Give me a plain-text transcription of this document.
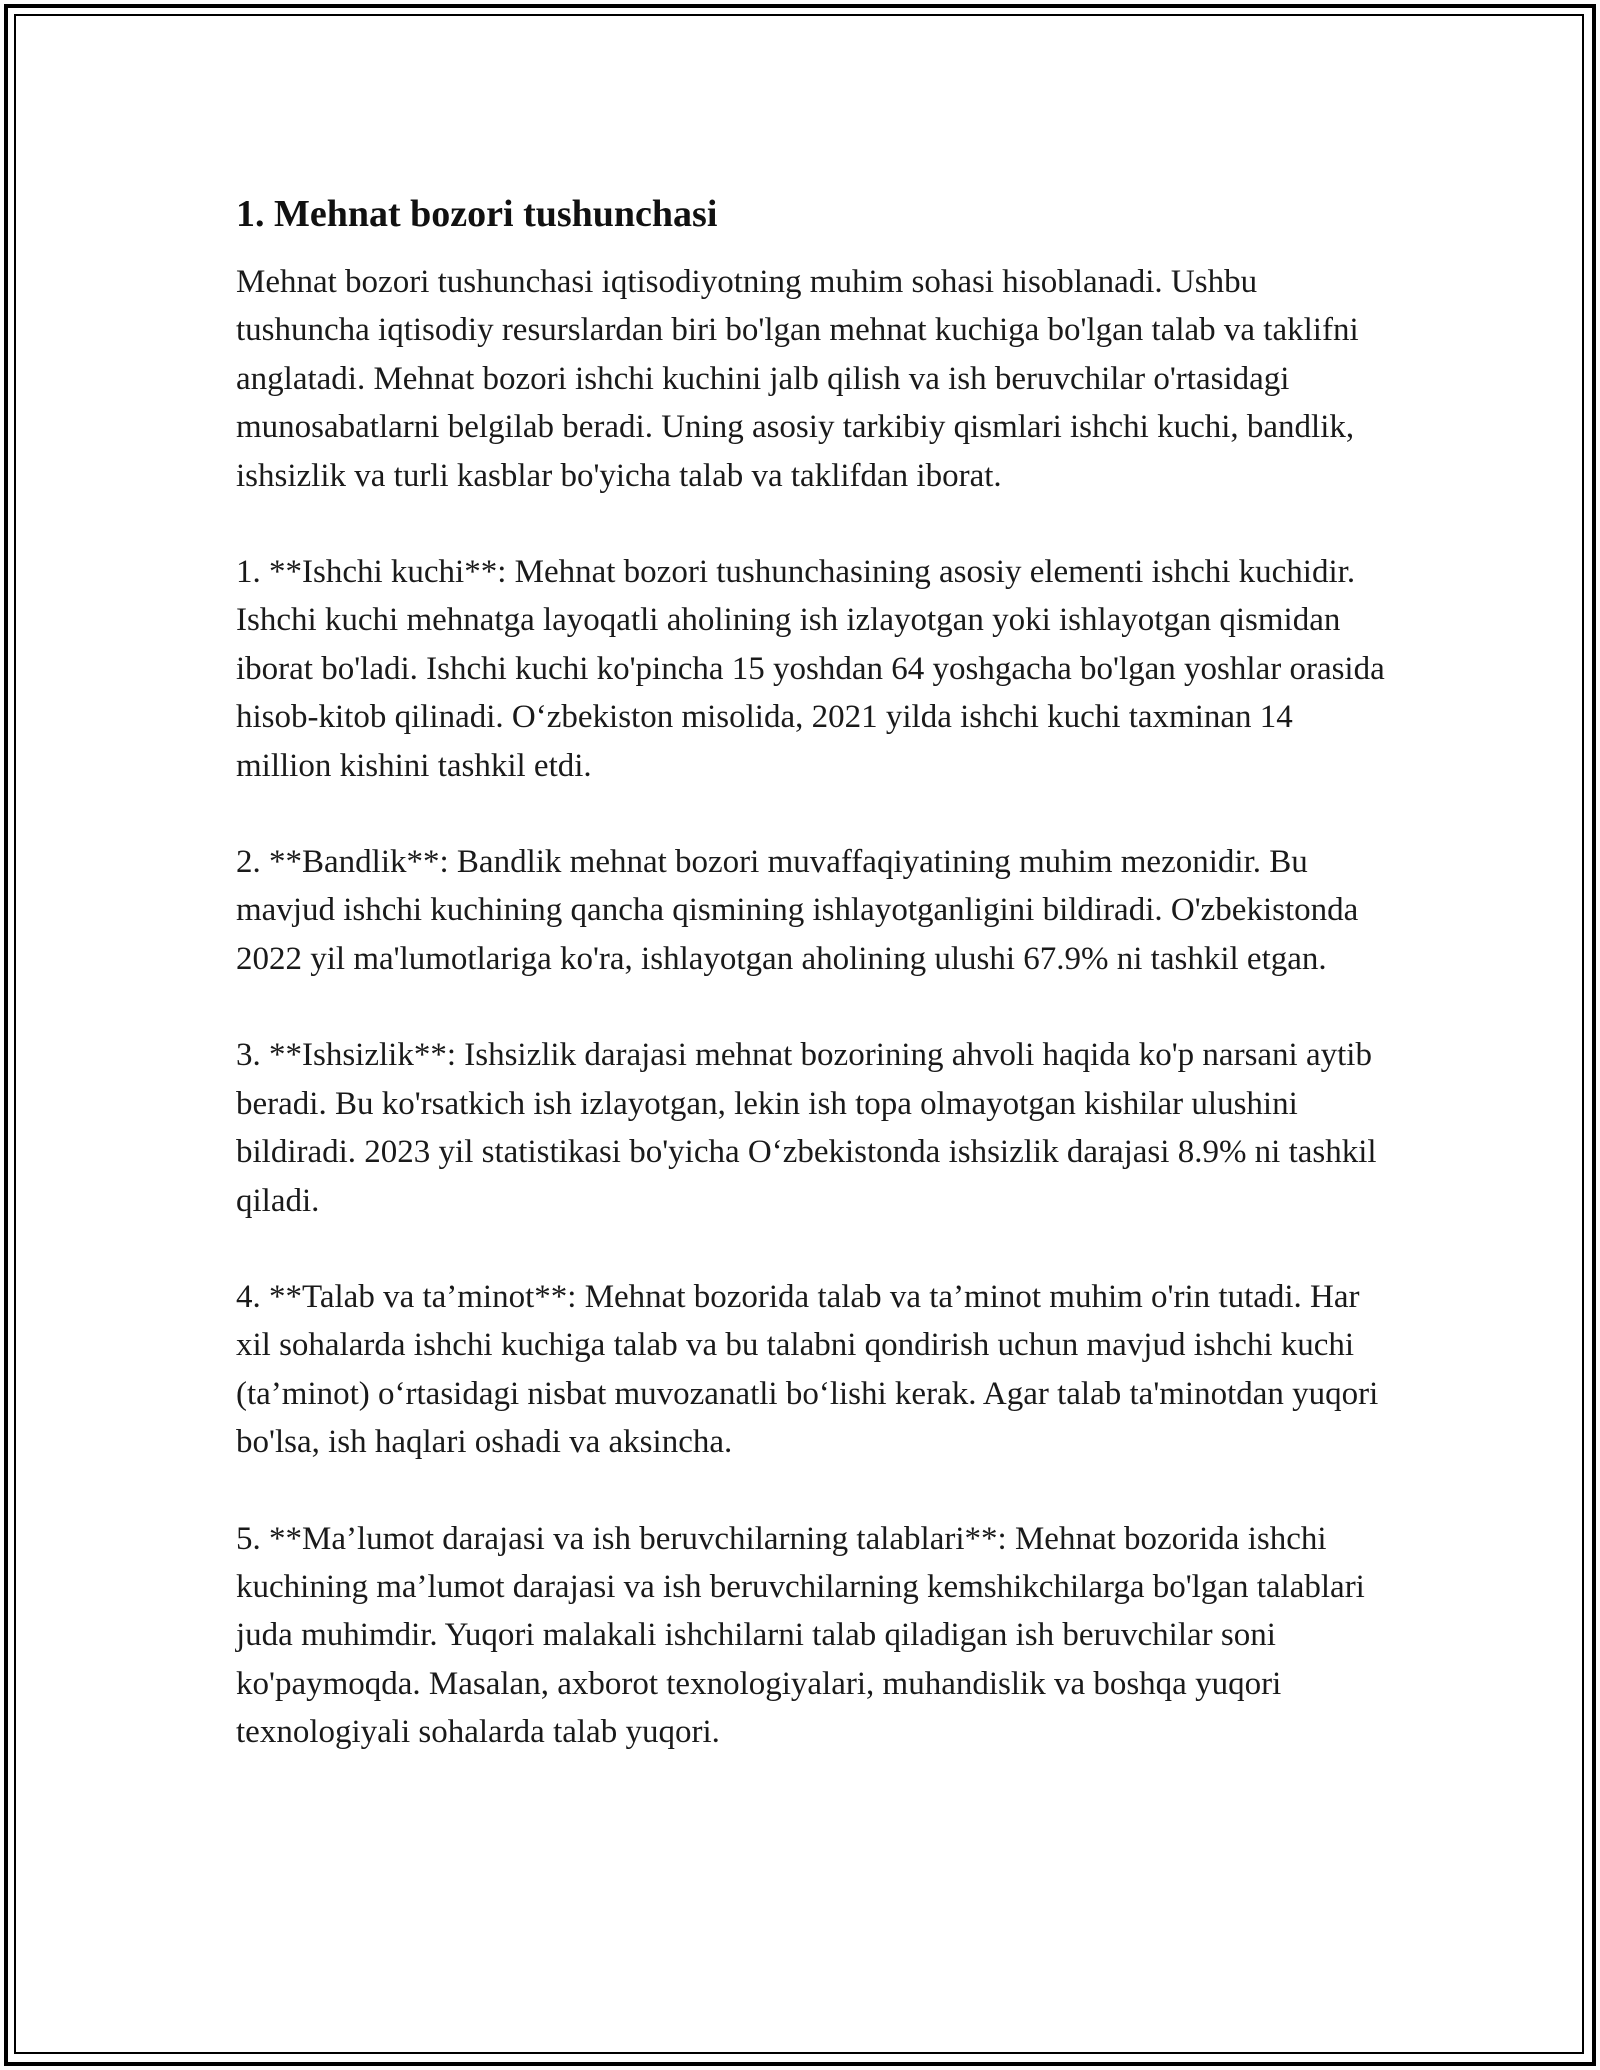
1. Mehnat bozori tushunchasi

Mehnat bozori tushunchasi iqtisodiyotning muhim sohasi hisoblanadi. Ushbu tushuncha iqtisodiy resurslardan biri bo'lgan mehnat kuchiga bo'lgan talab va taklifni anglatadi. Mehnat bozori ishchi kuchini jalb qilish va ish beruvchilar o'rtasidagi munosabatlarni belgilab beradi. Uning asosiy tarkibiy qismlari ishchi kuchi, bandlik, ishsizlik va turli kasblar bo'yicha talab va taklifdan iborat.

1. **Ishchi kuchi**: Mehnat bozori tushunchasining asosiy elementi ishchi kuchidir. Ishchi kuchi mehnatga layoqatli aholining ish izlayotgan yoki ishlayotgan qismidan iborat bo'ladi. Ishchi kuchi ko'pincha 15 yoshdan 64 yoshgacha bo'lgan yoshlar orasida hisob-kitob qilinadi. O‘zbekiston misolida, 2021 yilda ishchi kuchi taxminan 14 million kishini tashkil etdi.

2. **Bandlik**: Bandlik mehnat bozori muvaffaqiyatining muhim mezonidir. Bu mavjud ishchi kuchining qancha qismining ishlayotganligini bildiradi. O'zbekistonda 2022 yil ma'lumotlariga ko'ra, ishlayotgan aholining ulushi 67.9% ni tashkil etgan.

3. **Ishsizlik**: Ishsizlik darajasi mehnat bozorining ahvoli haqida ko'p narsani aytib beradi. Bu ko'rsatkich ish izlayotgan, lekin ish topa olmayotgan kishilar ulushini bildiradi. 2023 yil statistikasi bo'yicha O‘zbekistonda ishsizlik darajasi 8.9% ni tashkil qiladi.

4. **Talab va ta’minot**: Mehnat bozorida talab va ta’minot muhim o'rin tutadi. Har xil sohalarda ishchi kuchiga talab va bu talabni qondirish uchun mavjud ishchi kuchi (ta’minot) o‘rtasidagi nisbat muvozanatli bo‘lishi kerak. Agar talab ta'minotdan yuqori bo'lsa, ish haqlari oshadi va aksincha.

5. **Ma’lumot darajasi va ish beruvchilarning talablari**: Mehnat bozorida ishchi kuchining ma’lumot darajasi va ish beruvchilarning kemshikchilarga bo'lgan talablari juda muhimdir. Yuqori malakali ishchilarni talab qiladigan ish beruvchilar soni ko'paymoqda. Masalan, axborot texnologiyalari, muhandislik va boshqa yuqori texnologiyali sohalarda talab yuqori.
